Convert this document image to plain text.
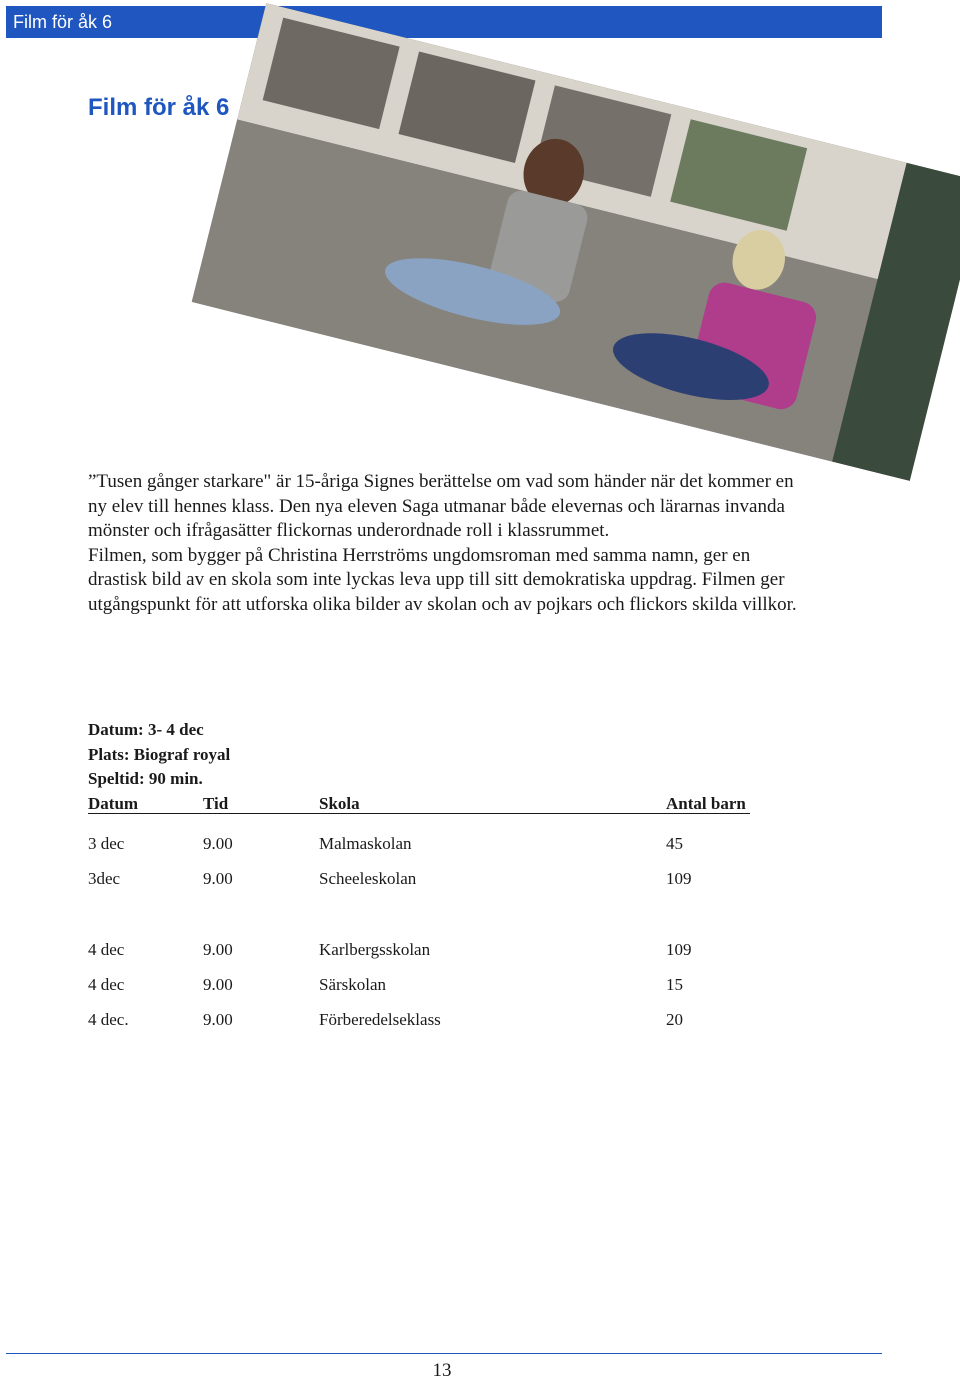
Film för åk 6
Film för åk 6

”Tusen gånger starkare" är 15-åriga Signes berättelse om vad som händer när det kommer en ny elev till hennes klass. Den nya eleven Saga utmanar både elevernas och lärarnas invanda mönster och ifrågasätter flickornas underordnade roll i klassrummet.

Filmen, som bygger på Christina Herrströms ungdomsroman med samma namn, ger en drastisk bild av en skola som inte lyckas leva upp till sitt demokratiska uppdrag. Filmen ger utgångspunkt för att utforska olika bilder av skolan och av pojkars och flickors skilda villkor.

Datum: 3- 4 dec
Plats: Biograf royal
Speltid: 90 min.
Datum	Tid	Skola	Antal barn
3 dec	9.00	Malmaskolan	45
3dec	9.00	Scheeleskolan	109
4 dec	9.00	Karlbergsskolan	109
4 dec	9.00	Särskolan	15
4 dec.	9.00	Förberedelseklass	20
13
